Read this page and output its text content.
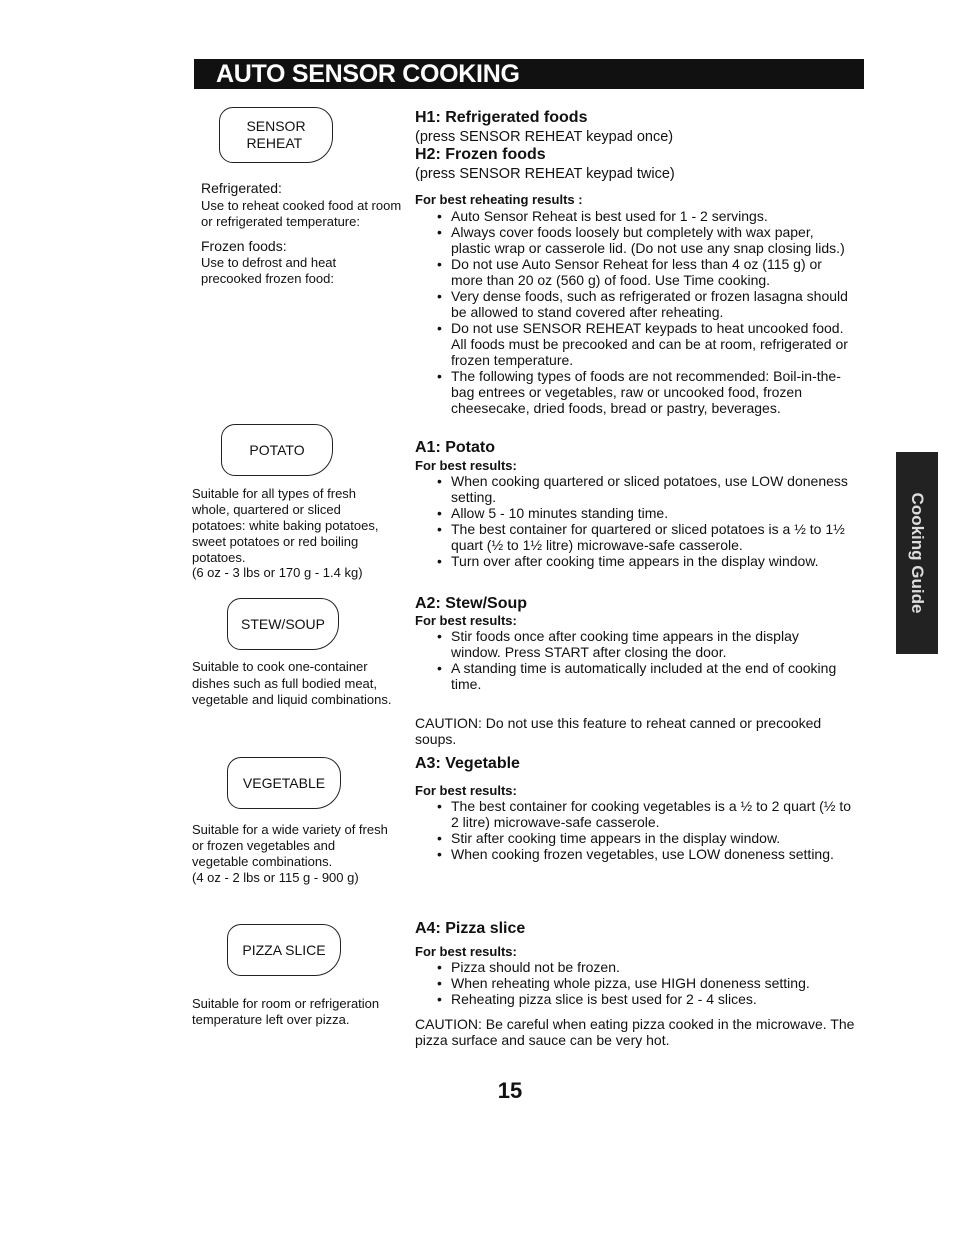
AUTO SENSOR COOKING
Cooking Guide
SENSOR
REHEAT
Refrigerated:
Use to reheat cooked food at room or refrigerated temperature:
Frozen foods:
Use to defrost and heat precooked frozen food:
H1: Refrigerated foods
(press SENSOR REHEAT keypad once)
H2: Frozen foods
(press SENSOR REHEAT keypad twice)
For best reheating results :
• Auto Sensor Reheat is best used for 1 - 2 servings.
• Always cover foods loosely but completely with wax paper, plastic wrap or casserole lid. (Do not use any snap closing lids.)
• Do not use Auto Sensor Reheat for less than 4 oz (115 g) or more than 20 oz (560 g) of food. Use Time cooking.
• Very dense foods, such as refrigerated or frozen lasagna should be allowed to stand covered after reheating.
• Do not use SENSOR REHEAT keypads to heat uncooked food. All foods must be precooked and can be at room, refrigerated or frozen temperature.
• The following types of foods are not recommended: Boil-in-the-bag entrees or vegetables, raw or uncooked food, frozen cheesecake, dried foods, bread or pastry, beverages.
POTATO
Suitable for all types of fresh whole, quartered or sliced potatoes: white baking potatoes, sweet potatoes or red boiling potatoes.
(6 oz - 3 lbs or 170 g - 1.4 kg)
A1: Potato
For best results:
• When cooking quartered or sliced potatoes, use LOW doneness setting.
• Allow 5 - 10 minutes standing time.
• The best container for quartered or sliced potatoes is a ½ to 1½ quart (½ to 1½ litre) microwave-safe casserole.
• Turn over after cooking time appears in the display window.
STEW/SOUP
Suitable to cook one-container dishes such as full bodied meat, vegetable and liquid combinations.
A2: Stew/Soup
For best results:
• Stir foods once after cooking time appears in the display window. Press START after closing the door.
• A standing time is automatically included at the end of cooking time.
CAUTION: Do not use this feature to reheat canned or precooked soups.
VEGETABLE
Suitable for a wide variety of fresh or frozen vegetables and vegetable combinations.
(4 oz - 2 lbs or 115 g - 900 g)
A3: Vegetable
For best results:
• The best container for cooking vegetables is a ½ to 2 quart (½ to 2 litre) microwave-safe casserole.
• Stir after cooking time appears in the display window.
• When cooking frozen vegetables, use LOW doneness setting.
PIZZA SLICE
Suitable for room or refrigeration temperature left over pizza.
A4: Pizza slice
For best results:
• Pizza should not be frozen.
• When reheating whole pizza, use HIGH doneness setting.
• Reheating pizza slice is best used for 2 - 4 slices.
CAUTION: Be careful when eating pizza cooked in the microwave. The pizza surface and sauce can be very hot.
15
